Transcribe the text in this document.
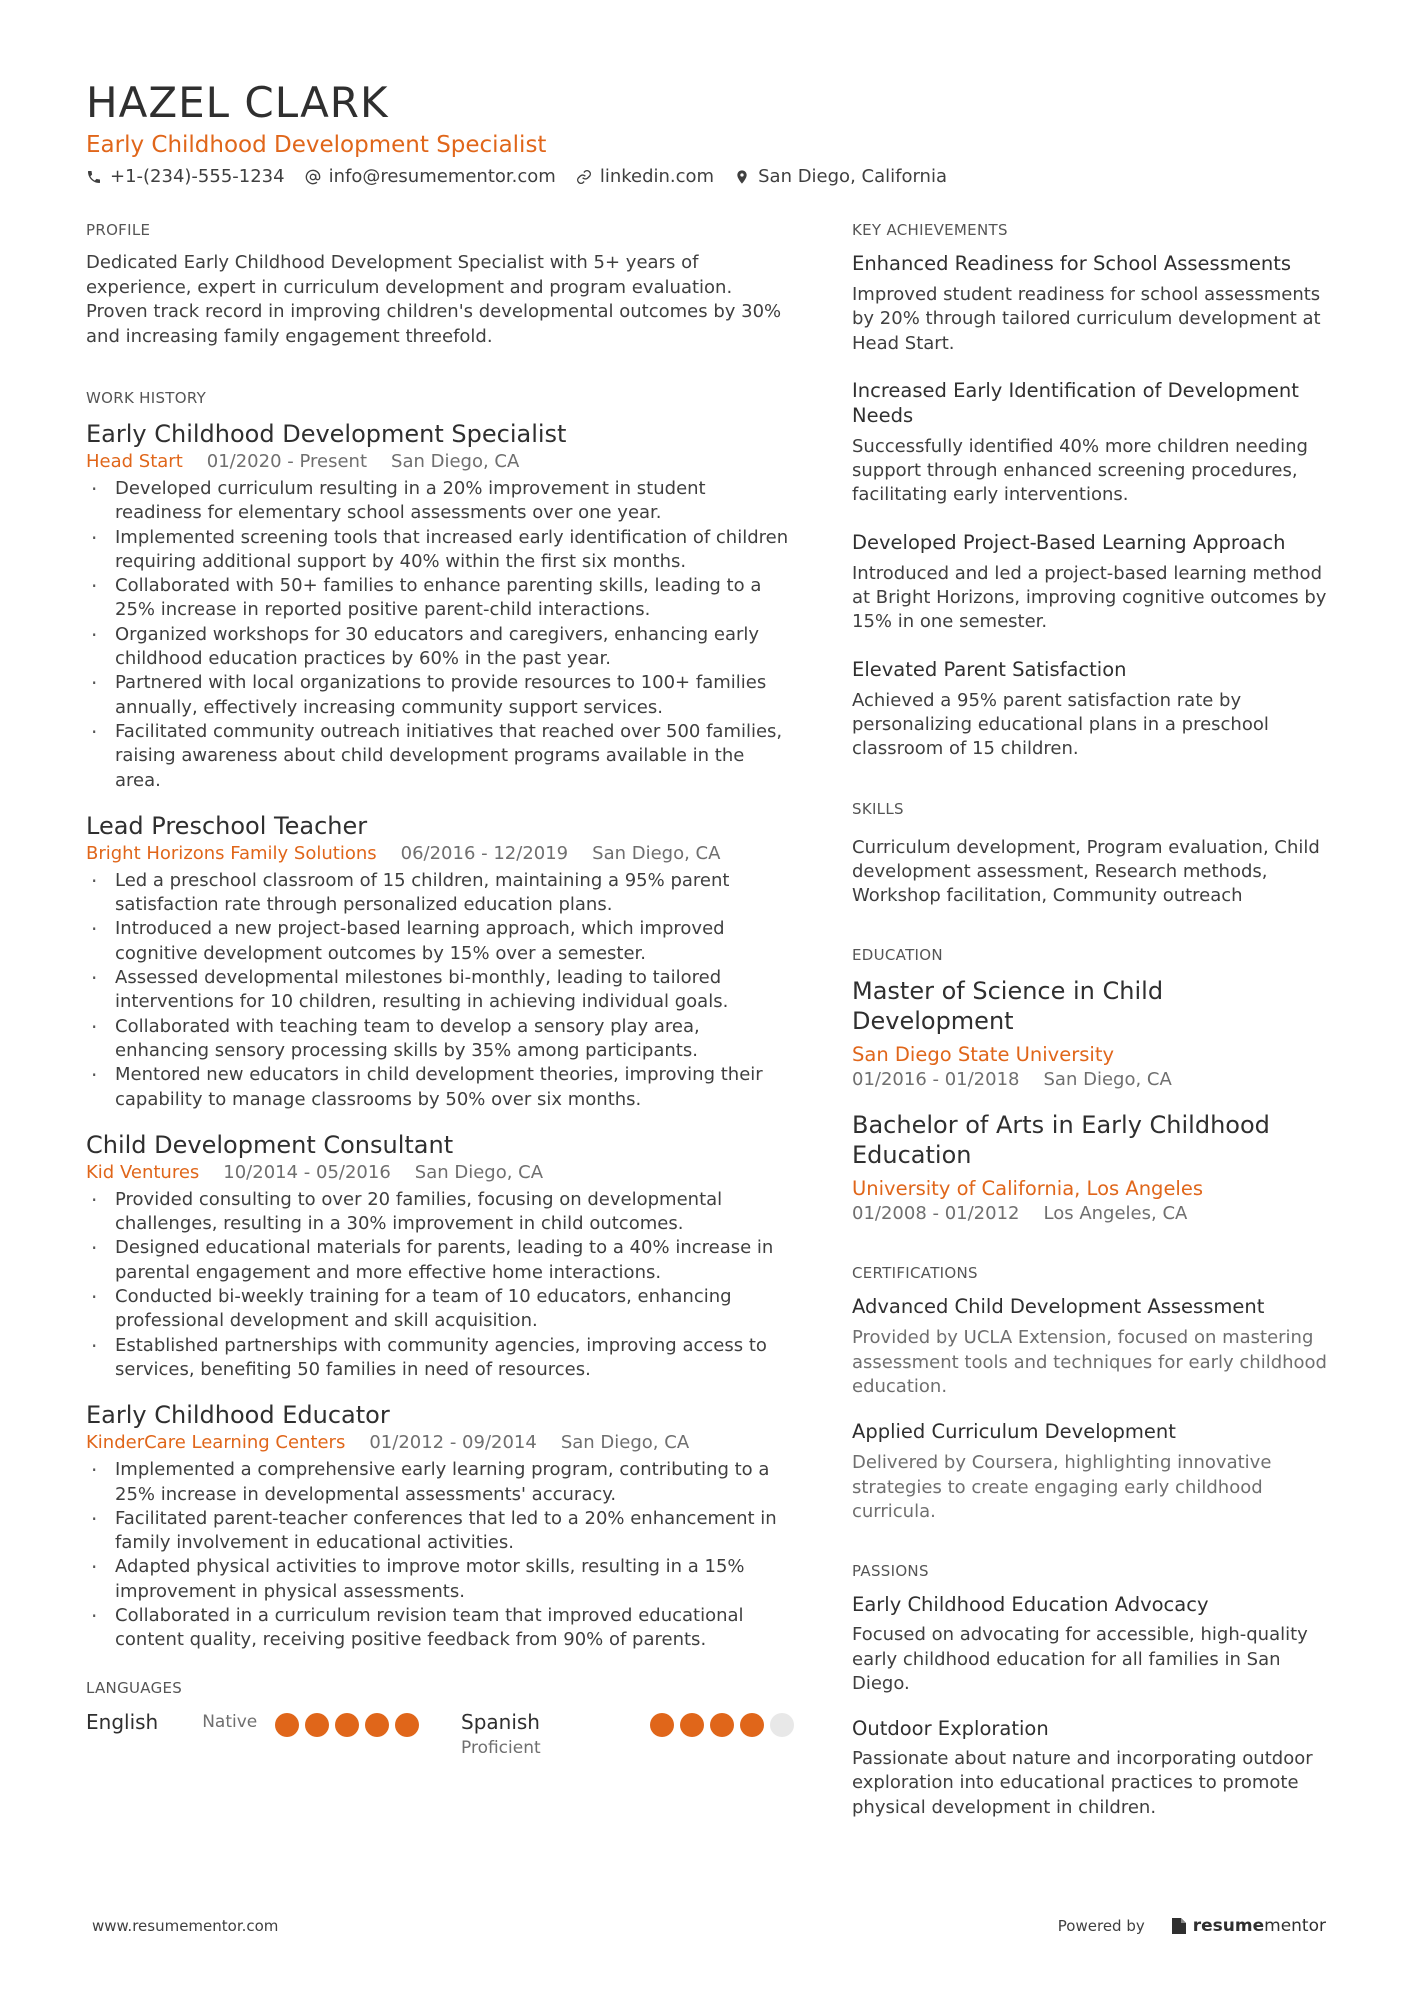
HAZEL CLARK
Early Childhood Development Specialist
+1-(234)-555-1234 info@resumementor.com linkedin.com San Diego, California
PROFILE

Dedicated Early Childhood Development Specialist with 5+ years of experience, expert in curriculum development and program evaluation. Proven track record in improving children's developmental outcomes by 30% and increasing family engagement threefold.

WORK HISTORY
Early Childhood Development Specialist
Head Start 01/2020 - Present San Diego, CA
· Developed curriculum resulting in a 20% improvement in student readiness for elementary school assessments over one year.
· Implemented screening tools that increased early identification of children requiring additional support by 40% within the first six months.
· Collaborated with 50+ families to enhance parenting skills, leading to a 25% increase in reported positive parent-child interactions.
· Organized workshops for 30 educators and caregivers, enhancing early childhood education practices by 60% in the past year.
· Partnered with local organizations to provide resources to 100+ families annually, effectively increasing community support services.
· Facilitated community outreach initiatives that reached over 500 families, raising awareness about child development programs available in the area.
Lead Preschool Teacher
Bright Horizons Family Solutions 06/2016 - 12/2019 San Diego, CA
· Led a preschool classroom of 15 children, maintaining a 95% parent satisfaction rate through personalized education plans.
· Introduced a new project-based learning approach, which improved cognitive development outcomes by 15% over a semester.
· Assessed developmental milestones bi-monthly, leading to tailored interventions for 10 children, resulting in achieving individual goals.
· Collaborated with teaching team to develop a sensory play area, enhancing sensory processing skills by 35% among participants.
· Mentored new educators in child development theories, improving their capability to manage classrooms by 50% over six months.
Child Development Consultant
Kid Ventures 10/2014 - 05/2016 San Diego, CA
· Provided consulting to over 20 families, focusing on developmental challenges, resulting in a 30% improvement in child outcomes.
· Designed educational materials for parents, leading to a 40% increase in parental engagement and more effective home interactions.
· Conducted bi-weekly training for a team of 10 educators, enhancing professional development and skill acquisition.
· Established partnerships with community agencies, improving access to services, benefiting 50 families in need of resources.
Early Childhood Educator
KinderCare Learning Centers 01/2012 - 09/2014 San Diego, CA
· Implemented a comprehensive early learning program, contributing to a 25% increase in developmental assessments' accuracy.
· Facilitated parent-teacher conferences that led to a 20% enhancement in family involvement in educational activities.
· Adapted physical activities to improve motor skills, resulting in a 15% improvement in physical assessments.
· Collaborated in a curriculum revision team that improved educational content quality, receiving positive feedback from 90% of parents.
LANGUAGES
English	Native	Spanish
Proficient
KEY ACHIEVEMENTS
Enhanced Readiness for School Assessments
Improved student readiness for school assessments by 20% through tailored curriculum development at Head Start.
Increased Early Identification of Development Needs
Successfully identified 40% more children needing support through enhanced screening procedures, facilitating early interventions.
Developed Project-Based Learning Approach
Introduced and led a project-based learning method at Bright Horizons, improving cognitive outcomes by 15% in one semester.
Elevated Parent Satisfaction
Achieved a 95% parent satisfaction rate by personalizing educational plans in a preschool classroom of 15 children.
SKILLS
Curriculum development, Program evaluation, Child development assessment, Research methods, Workshop facilitation, Community outreach
EDUCATION
Master of Science in Child Development
San Diego State University
01/2016 - 01/2018 San Diego, CA
Bachelor of Arts in Early Childhood Education
University of California, Los Angeles
01/2008 - 01/2012 Los Angeles, CA
CERTIFICATIONS
Advanced Child Development Assessment
Provided by UCLA Extension, focused on mastering assessment tools and techniques for early childhood education.
Applied Curriculum Development
Delivered by Coursera, highlighting innovative strategies to create engaging early childhood curricula.
PASSIONS
Early Childhood Education Advocacy
Focused on advocating for accessible, high-quality early childhood education for all families in San Diego.
Outdoor Exploration
Passionate about nature and incorporating outdoor exploration into educational practices to promote physical development in children.
www.resumementor.com	Powered by	resume mentor
